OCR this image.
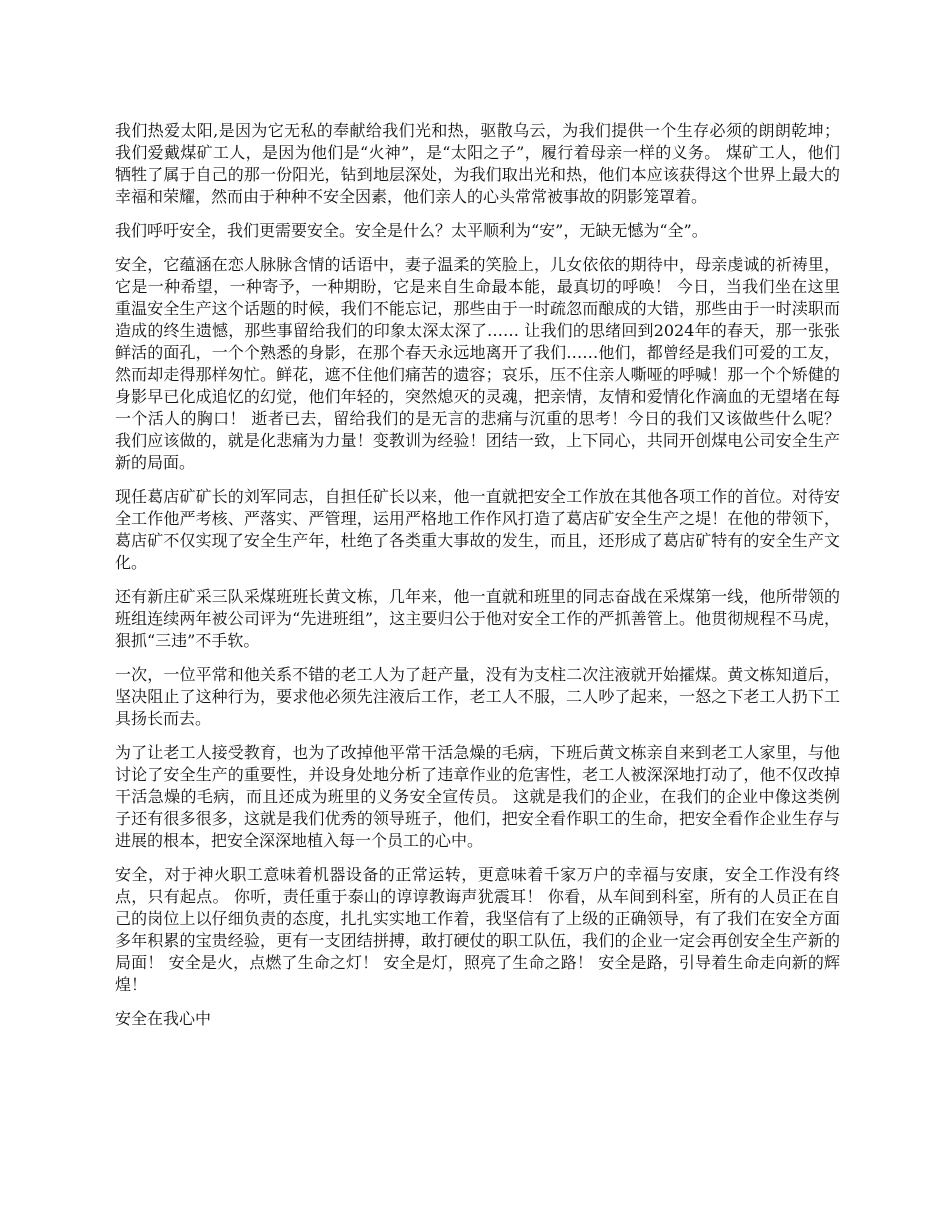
我们热爱太阳,是因为它无私的奉献给我们光和热，驱散乌云，为我们提供一个生存必须的朗朗乾坤；我们爱戴煤矿工人，是因为他们是“火神”，是“太阳之子”，履行着母亲一样的义务。 煤矿工人，他们牺牲了属于自己的那一份阳光，钻到地层深处，为我们取出光和热，他们本应该获得这个世界上最大的幸福和荣耀，然而由于种种不安全因素，他们亲人的心头常常被事故的阴影笼罩着。

我们呼吁安全，我们更需要安全。安全是什么？太平顺利为“安”，无缺无憾为“全”。

安全，它蕴涵在恋人脉脉含情的话语中，妻子温柔的笑脸上，儿女依依的期待中，母亲虔诚的祈祷里，它是一种希望，一种寄予，一种期盼，它是来自生命最本能，最真切的呼唤！ 今日，当我们坐在这里重温安全生产这个话题的时候，我们不能忘记，那些由于一时疏忽而酿成的大错，那些由于一时渎职而造成的终生遗憾，那些事留给我们的印象太深太深了…… 让我们的思绪回到2024年的春天，那一张张鲜活的面孔，一个个熟悉的身影，在那个春天永远地离开了我们……他们，都曾经是我们可爱的工友，然而却走得那样匆忙。鲜花，遮不住他们痛苦的遗容；哀乐，压不住亲人嘶哑的呼喊！那一个个矫健的身影早已化成追忆的幻觉，他们年轻的，突然熄灭的灵魂，把亲情，友情和爱情化作滴血的无望堵在每一个活人的胸口！ 逝者已去，留给我们的是无言的悲痛与沉重的思考！今日的我们又该做些什么呢？我们应该做的，就是化悲痛为力量！变教训为经验！团结一致，上下同心，共同开创煤电公司安全生产新的局面。

现任葛店矿矿长的刘军同志，自担任矿长以来，他一直就把安全工作放在其他各项工作的首位。对待安全工作他严考核、严落实、严管理，运用严格地工作作风打造了葛店矿安全生产之堤！在他的带领下，葛店矿不仅实现了安全生产年，杜绝了各类重大事故的发生，而且，还形成了葛店矿特有的安全生产文化。

还有新庄矿采三队采煤班班长黄文栋，几年来，他一直就和班里的同志奋战在采煤第一线，他所带领的班组连续两年被公司评为“先进班组”，这主要归公于他对安全工作的严抓善管上。他贯彻规程不马虎，狠抓“三违”不手软。

一次，一位平常和他关系不错的老工人为了赶产量，没有为支柱二次注液就开始攉煤。黄文栋知道后，坚决阻止了这种行为，要求他必须先注液后工作，老工人不服，二人吵了起来，一怒之下老工人扔下工具扬长而去。

为了让老工人接受教育，也为了改掉他平常干活急燥的毛病，下班后黄文栋亲自来到老工人家里，与他讨论了安全生产的重要性，并设身处地分析了违章作业的危害性，老工人被深深地打动了，他不仅改掉干活急燥的毛病，而且还成为班里的义务安全宣传员。 这就是我们的企业，在我们的企业中像这类例子还有很多很多，这就是我们优秀的领导班子，他们，把安全看作职工的生命，把安全看作企业生存与进展的根本，把安全深深地植入每一个员工的心中。

安全，对于神火职工意味着机器设备的正常运转，更意味着千家万户的幸福与安康，安全工作没有终点，只有起点。 你听，责任重于泰山的谆谆教诲声犹震耳！ 你看，从车间到科室，所有的人员正在自己的岗位上以仔细负责的态度，扎扎实实地工作着，我坚信有了上级的正确领导，有了我们在安全方面多年积累的宝贵经验，更有一支团结拼搏，敢打硬仗的职工队伍，我们的企业一定会再创安全生产新的局面！ 安全是火，点燃了生命之灯！ 安全是灯，照亮了生命之路！ 安全是路，引导着生命走向新的辉煌！

安全在我心中
